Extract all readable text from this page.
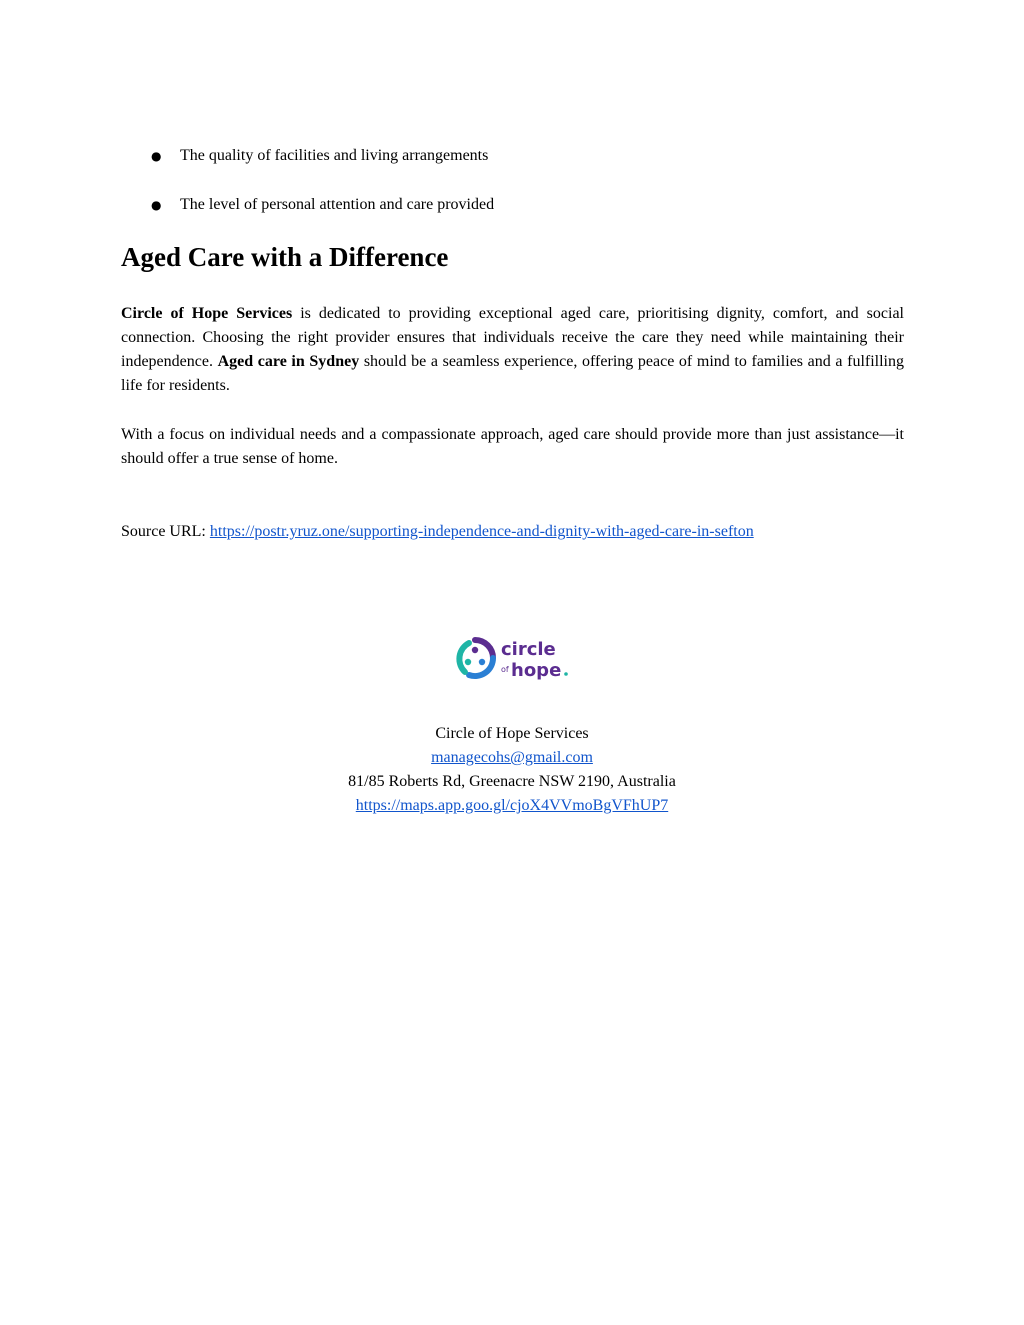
● The quality of facilities and living arrangements
● The level of personal attention and care provided
Aged Care with a Difference

Circle of Hope Services is dedicated to providing exceptional aged care, prioritising dignity, comfort, and social connection. Choosing the right provider ensures that individuals receive the care they need while maintaining their independence. Aged care in Sydney should be a seamless experience, offering peace of mind to families and a fulfilling life for residents.

With a focus on individual needs and a compassionate approach, aged care should provide more than just assistance—it should offer a true sense of home.

Source URL: https://postr.yruz.one/supporting-independence-and-dignity-with-aged-care-in-sefton
circle
of hope
Circle of Hope Services
managecohs@gmail.com
81/85 Roberts Rd, Greenacre NSW 2190, Australia
https://maps.app.goo.gl/cjoX4VVmoBgVFhUP7
